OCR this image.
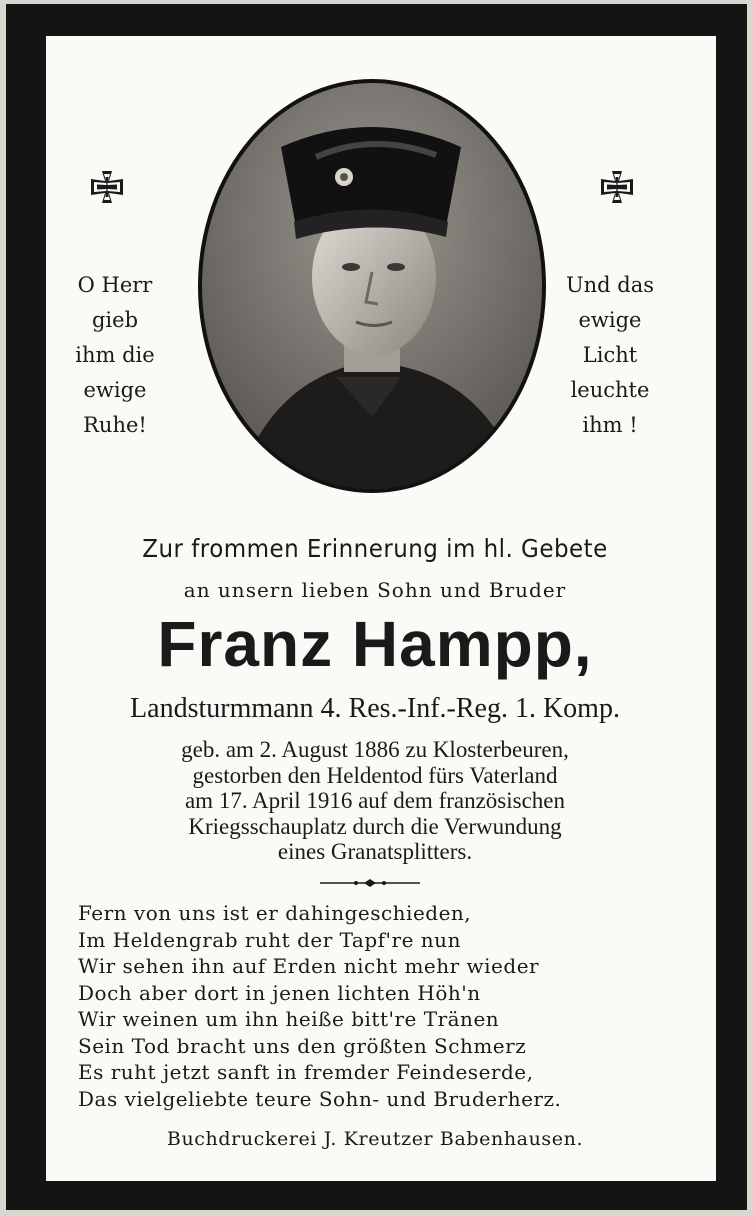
O Herr
gieb
ihm die
ewige
Ruhe!
Und das
ewige
Licht
leuchte
ihm !
Zur frommen Erinnerung im hl. Gebete
an unsern lieben Sohn und Bruder
Franz Hampp,
Landsturmmann 4. Res.-Inf.-Reg. 1. Komp.
geb. am 2. August 1886 zu Klosterbeuren,
gestorben den Heldentod fürs Vaterland
am 17. April 1916 auf dem französischen
Kriegsschauplatz durch die Verwundung
eines Granatsplitters.
Fern von uns ist er dahingeschieden,
Im Heldengrab ruht der Tapf're nun
Wir sehen ihn auf Erden nicht mehr wieder
Doch aber dort in jenen lichten Höh'n
Wir weinen um ihn heiße bitt're Tränen
Sein Tod bracht uns den größten Schmerz
Es ruht jetzt sanft in fremder Feindeserde,
Das vielgeliebte teure Sohn- und Bruderherz.
Buchdruckerei J. Kreutzer Babenhausen.
